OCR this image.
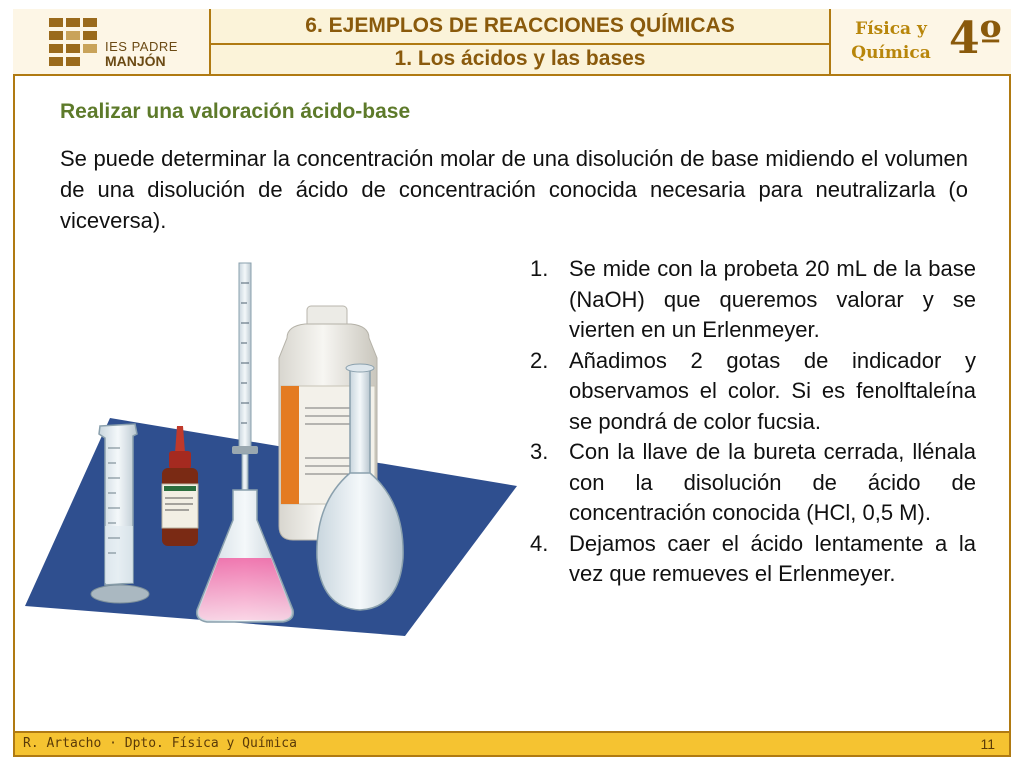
IES PADRE
MANJÓN
6. EJEMPLOS DE REACCIONES QUÍMICAS
1. Los ácidos y las bases
Física y
Química 4º
Realizar una valoración ácido-base
Se puede determinar la concentración molar de una disolución de base midiendo el volumen de una disolución de ácido de concentración conocida necesaria para neutralizarla (o viceversa).
1. Se mide con la probeta 20 mL de la base (NaOH) que queremos valorar y se vierten en un Erlenmeyer.
2. Añadimos 2 gotas de indicador y observamos el color. Si es fenolftaleína se pondrá de color fucsia.
3. Con la llave de la bureta cerrada, llénala con la disolución de ácido de concentración conocida (HCl, 0,5 M).
4. Dejamos caer el ácido lentamente a la vez que remueves el Erlenmeyer.
R. Artacho · Dpto. Física y Química	11
